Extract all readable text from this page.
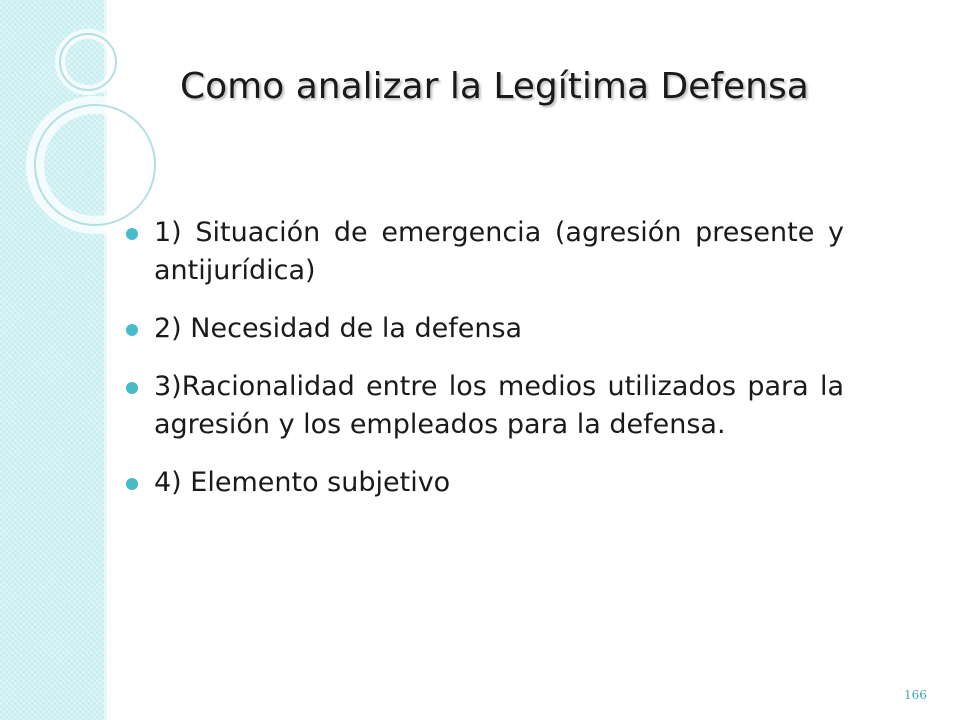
Como analizar la Legítima Defensa
1) Situación de emergencia (agresión presente y antijurídica)
2) Necesidad de la defensa
3)Racionalidad entre los medios utilizados para la agresión y los empleados para la defensa.
4) Elemento subjetivo
166
